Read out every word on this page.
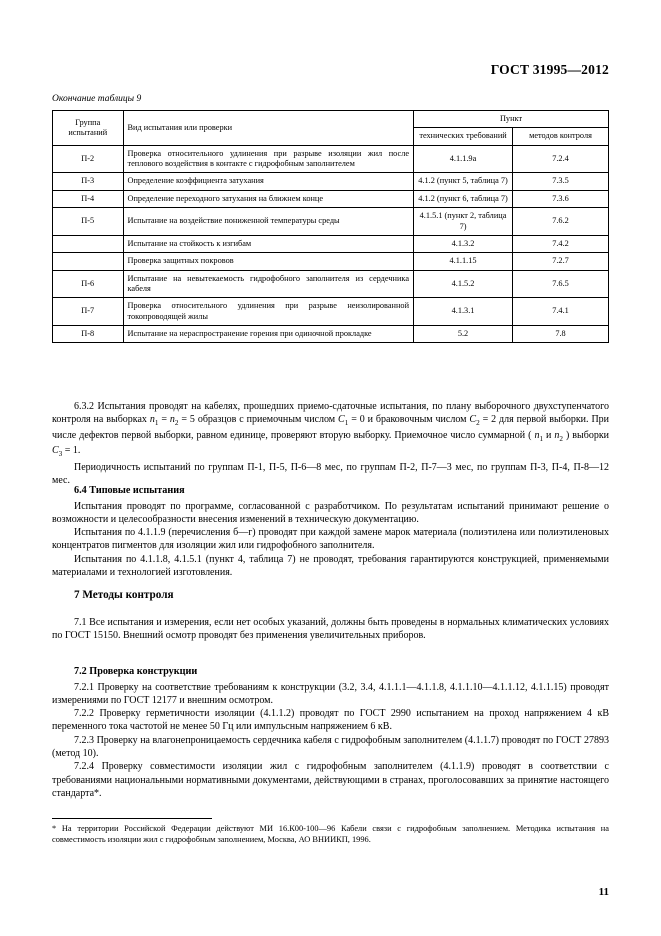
ГОСТ 31995—2012
Окончание таблицы 9
Группа испытаний	Вид испытания или проверки	Пункт	
		технических требований	методов контроля
П-2	Проверка относительного удлинения при разрыве изоляции жил после теплового воздействия в контакте с гидрофобным заполнителем	4.1.1.9а	7.2.4
П-3	Определение коэффициента затухания	4.1.2 (пункт 5, таблица 7)	7.3.5
П-4	Определение переходного затухания на ближнем конце	4.1.2 (пункт 6, таблица 7)	7.3.6
П-5	Испытание на воздействие пониженной температуры среды	4.1.5.1 (пункт 2, таблица 7)	7.6.2
	Испытание на стойкость к изгибам	4.1.3.2	7.4.2
	Проверка защитных покровов	4.1.1.15	7.2.7
П-6	Испытание на невытекаемость гидрофобного заполнителя из сердечника кабеля	4.1.5.2	7.6.5
П-7	Проверка относительного удлинения при разрыве неизолированной токопроводящей жилы	4.1.3.1	7.4.1
П-8	Испытание на нераспространение горения при одиночной прокладке	5.2	7.8

6.3.2 Испытания проводят на кабелях, прошедших приемо-сдаточные испытания, по плану выборочного двухступенчатого контроля на выборках $n_1 = n_2 = 5$ образцов с приемочным числом $C_1 = 0$ и браковочным числом $C_2 = 2$ для первой выборки. При числе дефектов первой выборки, равном единице, проверяют вторую выборку. Приемочное число суммарной ( $n_1$ и $n_2$ ) выборки $C_3 = 1$.

Периодичность испытаний по группам П-1, П-5, П-6—8 мес, по группам П-2, П-7—3 мес, по группам П-3, П-4, П-8—12 мес.

6.4 Типовые испытания

Испытания проводят по программе, согласованной с разработчиком. По результатам испытаний принимают решение о возможности и целесообразности внесения изменений в техническую документацию.

Испытания по 4.1.1.9 (перечисления б—г) проводят при каждой замене марок материала (полиэтилена или полиэтиленовых концентратов пигментов для изоляции жил или гидрофобного заполнителя.

Испытания по 4.1.1.8, 4.1.5.1 (пункт 4, таблица 7) не проводят, требования гарантируются конструкцией, применяемыми материалами и технологией изготовления.

7 Методы контроля

7.1 Все испытания и измерения, если нет особых указаний, должны быть проведены в нормальных климатических условиях по ГОСТ 15150. Внешний осмотр проводят без применения увеличительных приборов.

7.2 Проверка конструкции

7.2.1 Проверку на соответствие требованиям к конструкции (3.2, 3.4, 4.1.1.1—4.1.1.8, 4.1.1.10—4.1.1.12, 4.1.1.15) проводят измерениями по ГОСТ 12177 и внешним осмотром.

7.2.2 Проверку герметичности изоляции (4.1.1.2) проводят по ГОСТ 2990 испытанием на проход напряжением 4 кВ переменного тока частотой не менее 50 Гц или импульсным напряжением 6 кВ.

7.2.3 Проверку на влагонепроницаемость сердечника кабеля с гидрофобным заполнителем (4.1.1.7) проводят по ГОСТ 27893 (метод 10).

7.2.4 Проверку совместимости изоляции жил с гидрофобным заполнителем (4.1.1.9) проводят в соответствии с требованиями национальными нормативными документами, действующими в странах, проголосовавших за принятие настоящего стандарта*.

* На территории Российской Федерации действуют МИ 16.К00-100—96 Кабели связи с гидрофобным заполнением. Методика испытания на совместимость изоляции жил с гидрофобным заполнением, Москва, АО ВНИИКП, 1996.
11
